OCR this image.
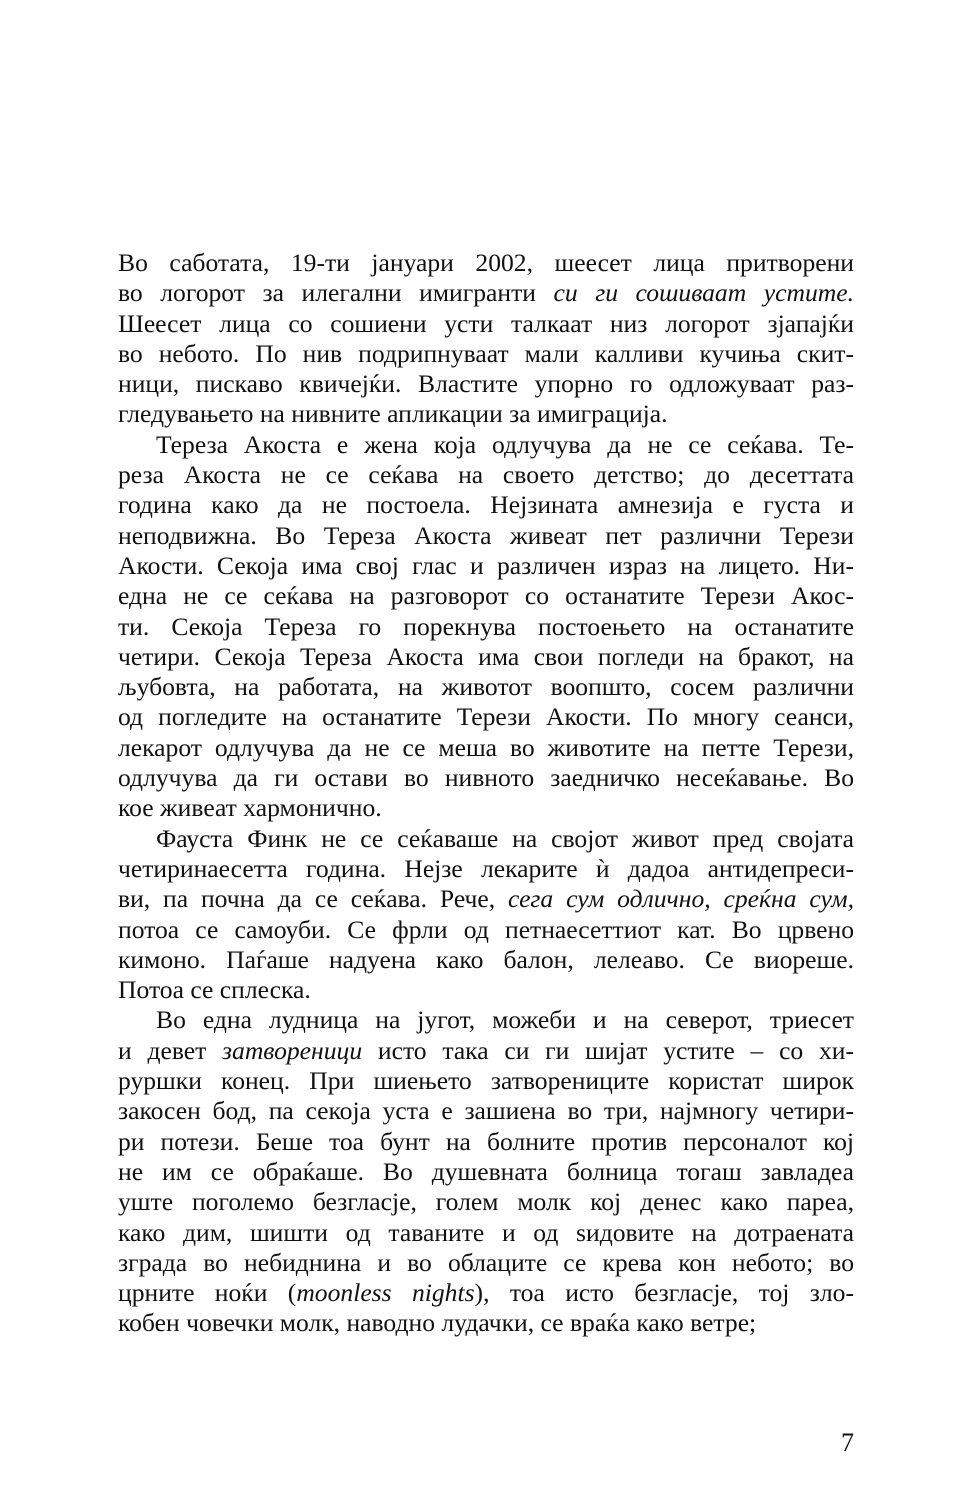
Во саботата, 19-ти јануари 2002, шеесет лица притворени
во логорот за илегални имигранти си ги сошиваат устите.
Шеесет лица со сошиени усти талкаат низ логорот зјапајќи
во небото. По нив подрипнуваат мали калливи кучиња скит-
ници, пискаво квичејќи. Властите упорно го одложуваат раз-
гледувањето на нивните апликации за имиграција.
Тереза Акоста е жена која одлучува да не се сеќава. Те-
реза Акоста не се сеќава на своето детство; до десеттата
година како да не постоела. Нејзината амнезија е густа и
неподвижна. Во Тереза Акоста живеат пет различни Терези
Акости. Секоја има свој глас и различен израз на лицето. Ни-
една не се сеќава на разговорот со останатите Терези Акос-
ти. Секоја Тереза го порекнува постоењето на останатите
четири. Секоја Тереза Акоста има свои погледи на бракот, на
љубовта, на работата, на животот воопшто, сосем различни
од погледите на останатите Терези Акости. По многу сеанси,
лекарот одлучува да не се меша во животите на петте Терези,
одлучува да ги остави во нивното заедничко несеќавање. Во
кое живеат хармонично.
Фауста Финк не се сеќаваше на својот живот пред својата
четиринаесетта година. Нејзе лекарите ѝ дадоа антидепреси-
ви, па почна да се сеќава. Рече, сега сум одлично, среќна сум,
потоа се самоуби. Се фрли од петнаесеттиот кат. Во црвено
кимоно. Паѓаше надуена како балон, лелеаво. Се виореше.
Потоа се сплеска.
Во една лудница на југот, можеби и на северот, триесет
и девет затвореници исто така си ги шијат устите – со хи-
руршки конец. При шиењето затворениците користат широк
закосен бод, па секоја уста е зашиена во три, најмногу четири-
ри потези. Беше тоа бунт на болните против персоналот кој
не им се обраќаше. Во душевната болница тогаш завладеа
уште поголемо безгласје, голем молк кој денес како пареа,
како дим, шишти од таваните и од ѕидовите на дотраената
зграда во небиднина и во облаците се крева кон небото; во
црните ноќи (moonless nights), тоа исто безгласје, тој зло-
кобен човечки молк, наводно лудачки, се враќа како ветре;
7
